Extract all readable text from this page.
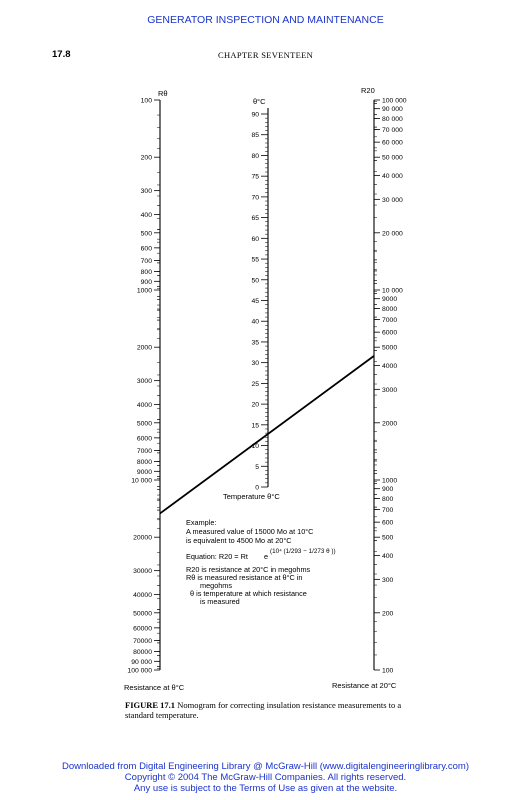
GENERATOR INSPECTION AND MAINTENANCE
17.8	CHAPTER SEVENTEEN
100
200
300
400
500
600
700
800
900
1000
2000
3000
4000
5000
6000
7000
8000
9000
10 000
20000
30000
40000
50000
60000
70000
80000
90 000
100 000
90
85
80
75
70
65
60
55
50
45
40
35
30
25
20
15
10
5
0
100 000
90 000
80 000
70 000
60 000
50 000
40 000
30 000
20 000
10 000
9000
8000
7000
6000
5000
4000
3000
2000
1000
900
800
700
600
500
400
300
200
100
Rθ
θ°C
R20
Temperature θ°C
Resistance at θ°C	Resistance at 20°C
Example:
A measured value of 15000 Mo at 10°C
is equivalent to 4500 Mo at 20°C
Equation: R20 = Rt e
(10⁴ (1/293 − 1/273 θ ))
R20 is resistance at 20°C in megohms
Rθ is measured resistance at θ°C in
megohms
θ is temperature at which resistance
is measured
FIGURE 17.1 Nomogram for correcting insulation resistance measurements to a standard temperature.
Downloaded from Digital Engineering Library @ McGraw-Hill (www.digitalengineeringlibrary.com)
Copyright © 2004 The McGraw-Hill Companies. All rights reserved.
Any use is subject to the Terms of Use as given at the website.
